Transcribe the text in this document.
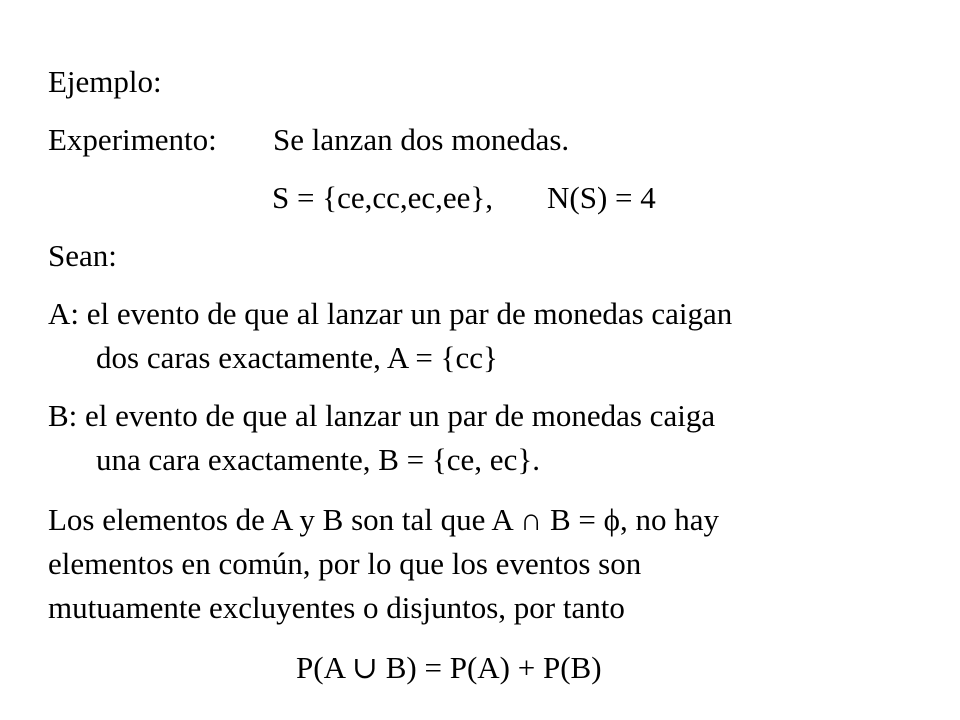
Ejemplo:

Experimento: Se lanzan dos monedas.

S = {ce,cc,ec,ee}, N(S) = 4

Sean:

A: el evento de que al lanzar un par de monedas caigan

dos caras exactamente, A = {cc}

B: el evento de que al lanzar un par de monedas caiga

una cara exactamente, B = {ce, ec}.

Los elementos de A y B son tal que A ∩ B = ϕ, no hay

elementos en común, por lo que los eventos son

mutuamente excluyentes o disjuntos, por tanto

P(A ∪ B) = P(A) + P(B)
